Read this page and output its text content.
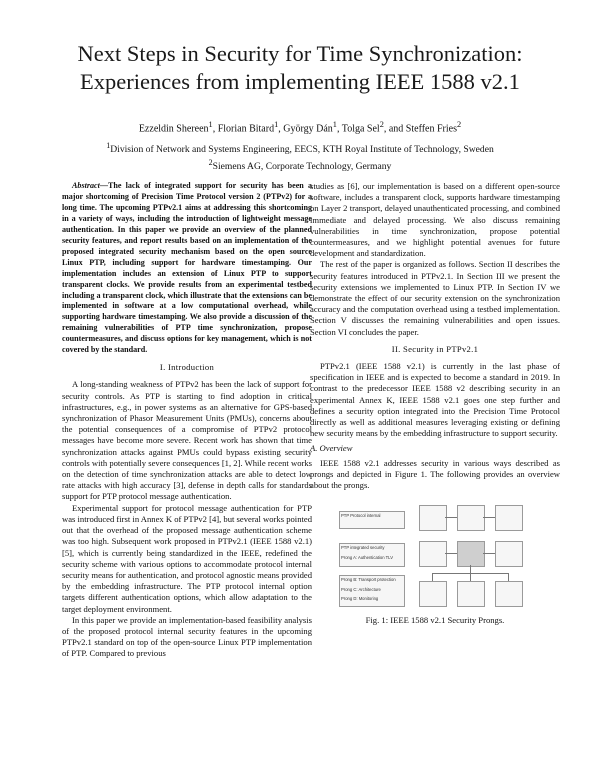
Next Steps in Security for Time Synchronization:
Experiences from implementing IEEE 1588 v2.1
Ezzeldin Shereen$^1$, Florian Bitard$^1$, György Dán$^1$, Tolga Sel$^2$, and Steffen Fries$^2$
$^1$Division of Network and Systems Engineering, EECS, KTH Royal Institute of Technology, Sweden
$^2$Siemens AG, Corporate Technology, Germany

Abstract—The lack of integrated support for security has been a major shortcoming of Precision Time Protocol version 2 (PTPv2) for a long time. The upcoming PTPv2.1 aims at addressing this shortcoming in a variety of ways, including the introduction of lightweight message authentication. In this paper we provide an overview of the planned security features, and report results based on an implementation of the proposed integrated security mechanism based on the open source Linux PTP, including support for hardware timestamping. Our implementation includes an extension of Linux PTP to support transparent clocks. We provide results from an experimental testbed including a transparent clock, which illustrate that the extensions can be implemented in software at a low computational overhead, while supporting hardware timestamping. We also provide a discussion of the remaining vulnerabilities of PTP time synchronization, propose countermeasures, and discuss options for key management, which is not covered by the standard.

I. Introduction

A long-standing weakness of PTPv2 has been the lack of support for security controls. As PTP is starting to find adoption in critical infrastructures, e.g., in power systems as an alternative for GPS-based synchronization of Phasor Measurement Units (PMUs), concerns about the potential consequences of a compromise of PTPv2 protocol messages have become more severe. Recent work has shown that time synchronization attacks against PMUs could bypass existing security controls with potentially severe consequences [1, 2]. While recent works on the detection of time synchronization attacks are able to detect low rate attacks with high accuracy [3], defense in depth calls for standards support for PTP protocol message authentication.

Experimental support for protocol message authentication for PTP was introduced first in Annex K of PTPv2 [4], but several works pointed out that the overhead of the proposed message authentication scheme was too high. Subsequent work proposed in PTPv2.1 (IEEE 1588 v2.1) [5], which is currently being standardized in the IEEE, redefined the security scheme with various options to accommodate protocol internal security means for authentication, and protocol agnostic means provided by the embedding infrastructure. The PTP protocol internal option targets different authentication options, which allow adaptation to the target deployment environment.

In this paper we provide an implementation-based feasibility analysis of the proposed protocol internal security features in the upcoming PTPv2.1 standard on top of the open-source Linux PTP implementation of PTP. Compared to previous

studies as [6], our implementation is based on a different open-source software, includes a transparent clock, supports hardware timestamping on Layer 2 transport, delayed unauthenticated processing, and combined immediate and delayed processing. We also discuss remaining vulnerabilities in time synchronization, propose potential countermeasures, and we highlight potential avenues for future development and standardization.

The rest of the paper is organized as follows. Section II describes the security features introduced in PTPv2.1. In Section III we present the security extensions we implemented to Linux PTP. In Section IV we demonstrate the effect of our security extension on the synchronization accuracy and the computation overhead using a testbed implementation. Section V discusses the remaining vulnerabilities and open issues. Section VI concludes the paper.

II. Security in PTPv2.1

PTPv2.1 (IEEE 1588 v2.1) is currently in the last phase of specification in IEEE and is expected to become a standard in 2019. In contrast to the predecessor IEEE 1588 v2 describing security in an experimental Annex K, IEEE 1588 v2.1 goes one step further and defines a security option integrated into the Precision Time Protocol directly as well as additional measures leveraging existing or defining new security means by the embedding infrastructure to support security.

A. Overview

IEEE 1588 v2.1 addresses security in various ways described as prongs and depicted in Figure 1. The following provides an overview about the prongs.

PTP Protocol internal
PTP integrated security
Prong A: Authentication TLV
Prong B: Transport protection
Prong C: Architecture
Prong D: Monitoring
Fig. 1: IEEE 1588 v2.1 Security Prongs.
